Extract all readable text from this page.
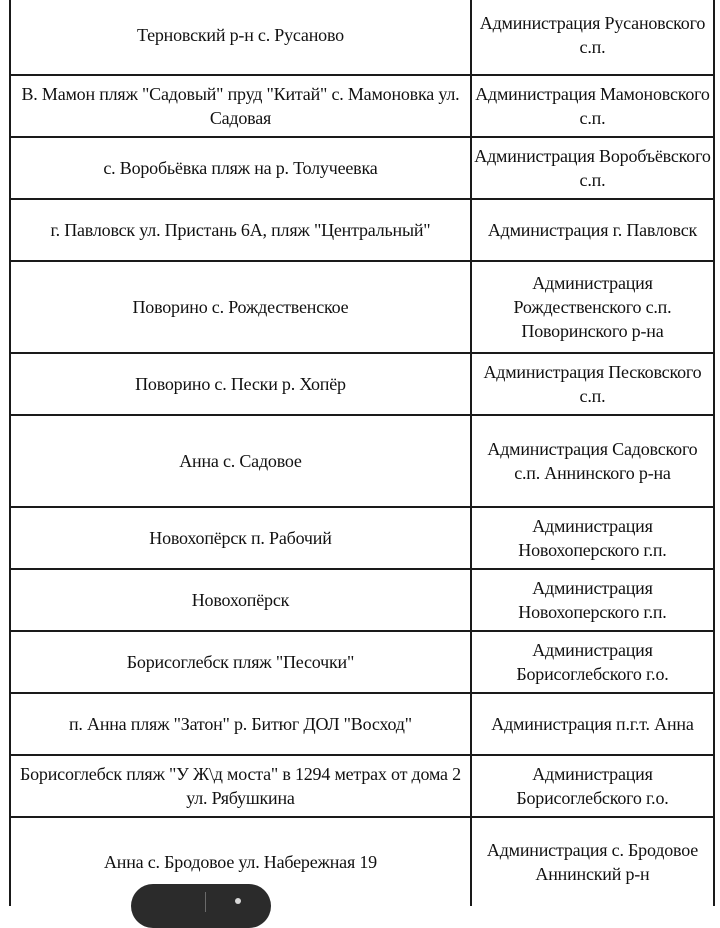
Терновский р-н с. Русаново	Администрация Русановского с.п.
В. Мамон пляж "Садовый" пруд "Китай" с. Мамоновка ул. Садовая	Администрация Мамоновского с.п.
с. Воробьёвка пляж на р. Толучеевка	Администрация Воробъёвского с.п.
г. Павловск ул. Пристань 6А, пляж "Центральный"	Администрация г. Павловск
Поворино с. Рождественское	Администрация Рождественского с.п. Поворинского р-на
Поворино с. Пески р. Хопёр	Администрация Песковского с.п.
Анна с. Садовое	Администрация Садовского с.п. Аннинского р-на
Новохопёрск п. Рабочий	Администрация Новохоперского г.п.
Новохопёрск	Администрация Новохоперского г.п.
Борисоглебск пляж "Песочки"	Администрация Борисоглебского г.о.
п. Анна пляж "Затон" р. Битюг ДОЛ "Восход"	Администрация п.г.т. Анна
Борисоглебск пляж "У Ж\д моста" в 1294 метрах от дома 2 ул. Рябушкина	Администрация Борисоглебского г.о.
Анна с. Бродовое ул. Набережная 19	Администрация с. Бродовое Аннинский р-н
